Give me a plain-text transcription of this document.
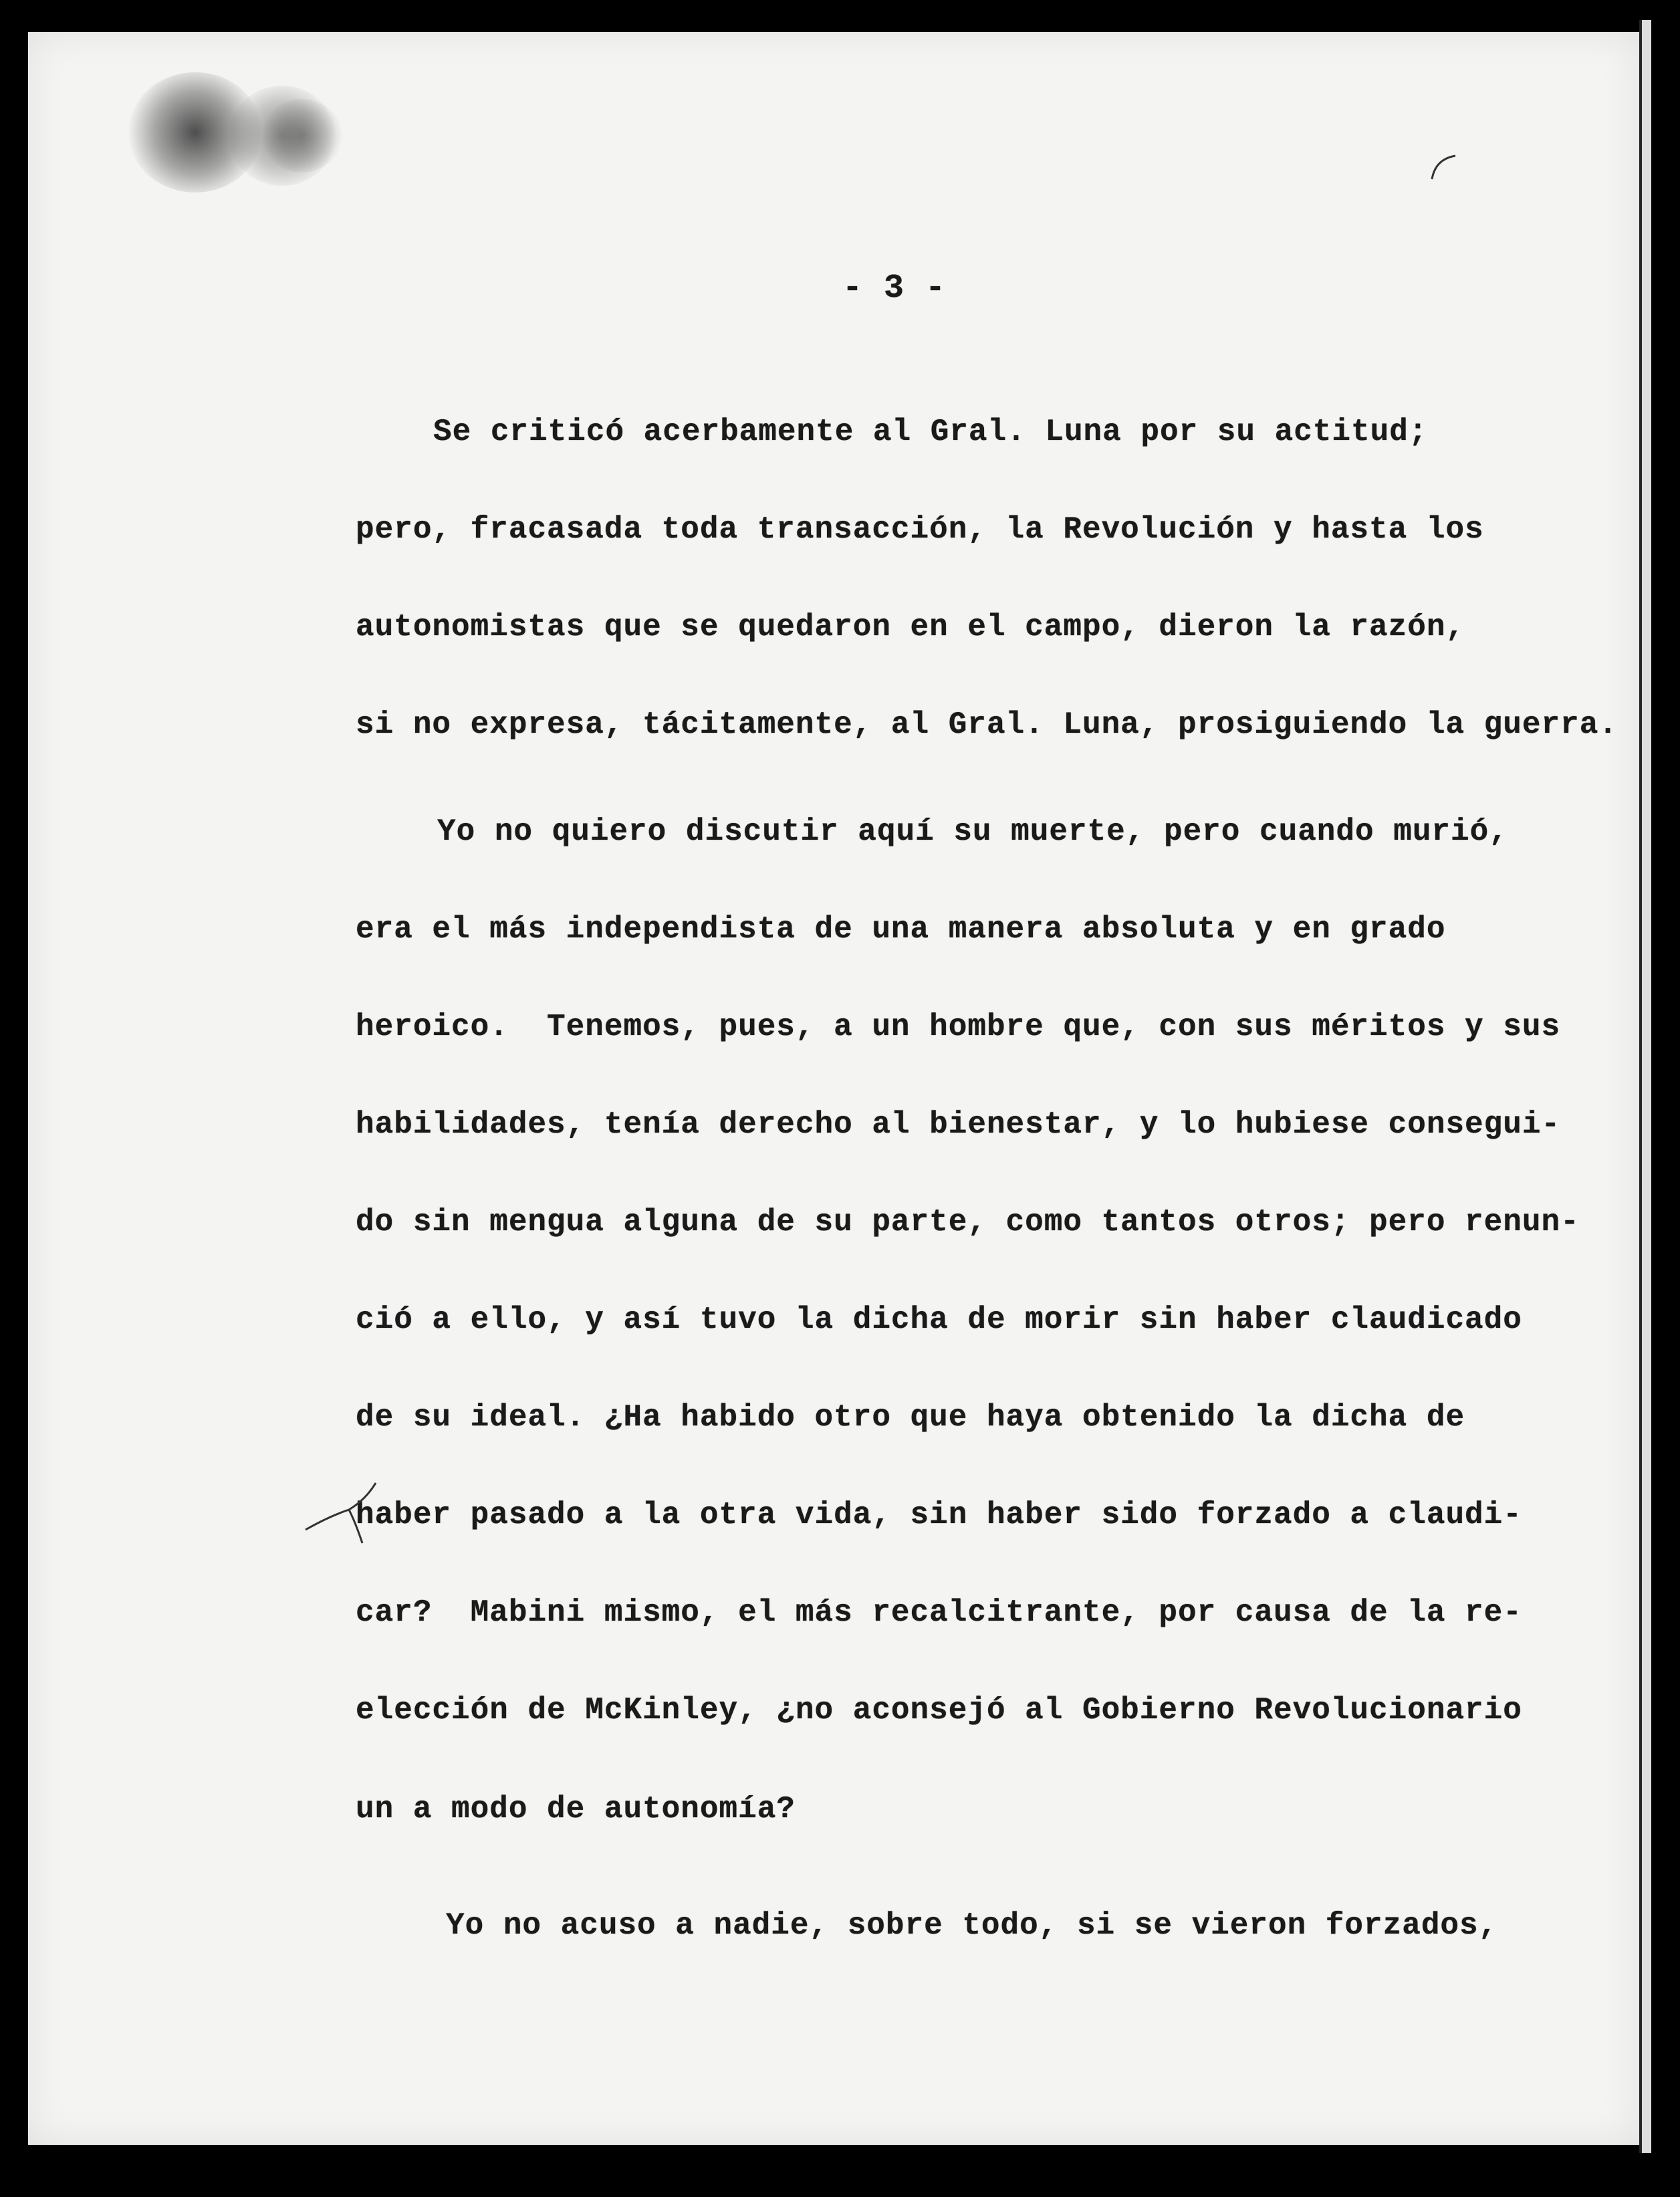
- 3 -
Se criticó acerbamente al Gral. Luna por su actitud;
pero, fracasada toda transacción, la Revolución y hasta los
autonomistas que se quedaron en el campo, dieron la razón,
si no expresa, tácitamente, al Gral. Luna, prosiguiendo la guerra.
Yo no quiero discutir aquí su muerte, pero cuando murió,
era el más independista de una manera absoluta y en grado
heroico.  Tenemos, pues, a un hombre que, con sus méritos y sus
habilidades, tenía derecho al bienestar, y lo hubiese consegui-
do sin mengua alguna de su parte, como tantos otros; pero renun-
ció a ello, y así tuvo la dicha de morir sin haber claudicado
de su ideal. ¿Ha habido otro que haya obtenido la dicha de
haber pasado a la otra vida, sin haber sido forzado a claudi-
car?  Mabini mismo, el más recalcitrante, por causa de la re-
elección de McKinley, ¿no aconsejó al Gobierno Revolucionario
un a modo de autonomía?
Yo no acuso a nadie, sobre todo, si se vieron forzados,
